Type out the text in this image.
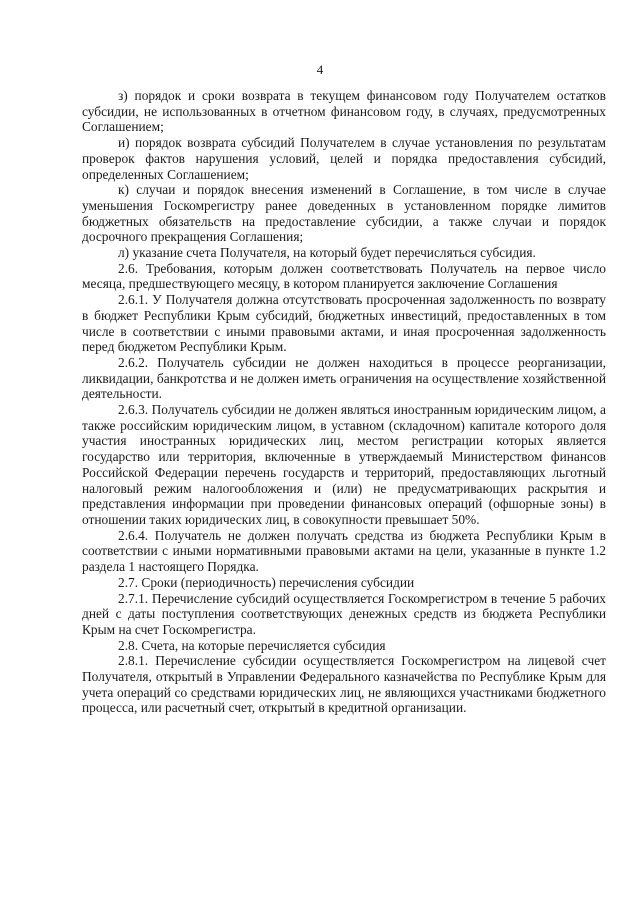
4

з) порядок и сроки возврата в текущем финансовом году Получателем остатков субсидии, не использованных в отчетном финансовом году, в случаях, предусмотренных Соглашением;

и) порядок возврата субсидий Получателем в случае установления по результатам проверок фактов нарушения условий, целей и порядка предоставления субсидий, определенных Соглашением;

к) случаи и порядок внесения изменений в Соглашение, в том числе в случае уменьшения Госкомрегистру ранее доведенных в установленном порядке лимитов бюджетных обязательств на предоставление субсидии, а также случаи и порядок досрочного прекращения Соглашения;

л) указание счета Получателя, на который будет перечисляться субсидия.

2.6. Требования, которым должен соответствовать Получатель на первое число месяца, предшествующего месяцу, в котором планируется заключение Соглашения

2.6.1. У Получателя должна отсутствовать просроченная задолженность по возврату в бюджет Республики Крым субсидий, бюджетных инвестиций, предоставленных в том числе в соответствии с иными правовыми актами, и иная просроченная задолженность перед бюджетом Республики Крым.

2.6.2. Получатель субсидии не должен находиться в процессе реорганизации, ликвидации, банкротства и не должен иметь ограничения на осуществление хозяйственной деятельности.

2.6.3. Получатель субсидии не должен являться иностранным юридическим лицом, а также российским юридическим лицом, в уставном (складочном) капитале которого доля участия иностранных юридических лиц, местом регистрации которых является государство или территория, включенные в утверждаемый Министерством финансов Российской Федерации перечень государств и территорий, предоставляющих льготный налоговый режим налогообложения и (или) не предусматривающих раскрытия и представления информации при проведении финансовых операций (офшорные зоны) в отношении таких юридических лиц, в совокупности превышает 50%.

2.6.4. Получатель не должен получать средства из бюджета Республики Крым в соответствии с иными нормативными правовыми актами на цели, указанные в пункте 1.2 раздела 1 настоящего Порядка.

2.7. Сроки (периодичность) перечисления субсидии

2.7.1. Перечисление субсидий осуществляется Госкомрегистром в течение 5 рабочих дней с даты поступления соответствующих денежных средств из бюджета Республики Крым на счет Госкомрегистра.

2.8. Счета, на которые перечисляется субсидия

2.8.1. Перечисление субсидии осуществляется Госкомрегистром на лицевой счет Получателя, открытый в Управлении Федерального казначейства по Республике Крым для учета операций со средствами юридических лиц, не являющихся участниками бюджетного процесса, или расчетный счет, открытый в кредитной организации.
